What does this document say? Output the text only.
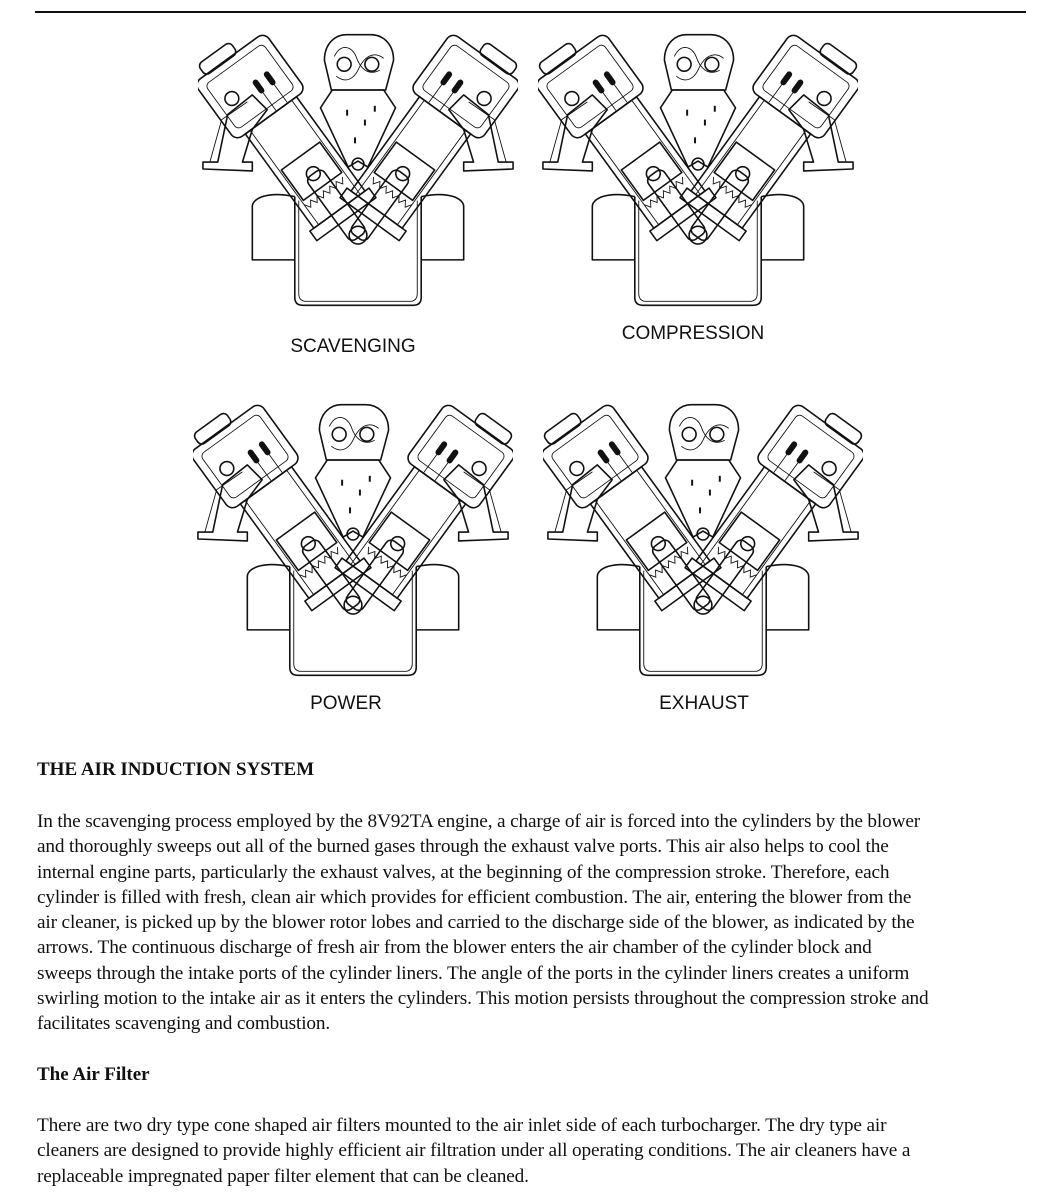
SCAVENGING
COMPRESSION
POWER	EXHAUST
THE AIR INDUCTION SYSTEM
In the scavenging process employed by the 8V92TA engine, a charge of air is forced into the cylinders by the blower
and thoroughly sweeps out all of the burned gases through the exhaust valve ports. This air also helps to cool the
internal engine parts, particularly the exhaust valves, at the beginning of the compression stroke. Therefore, each
cylinder is filled with fresh, clean air which provides for efficient combustion. The air, entering the blower from the
air cleaner, is picked up by the blower rotor lobes and carried to the discharge side of the blower, as indicated by the
arrows. The continuous discharge of fresh air from the blower enters the air chamber of the cylinder block and
sweeps through the intake ports of the cylinder liners. The angle of the ports in the cylinder liners creates a uniform
swirling motion to the intake air as it enters the cylinders. This motion persists throughout the compression stroke and
facilitates scavenging and combustion.
The Air Filter
There are two dry type cone shaped air filters mounted to the air inlet side of each turbocharger. The dry type air
cleaners are designed to provide highly efficient air filtration under all operating conditions. The air cleaners have a
replaceable impregnated paper filter element that can be cleaned.
